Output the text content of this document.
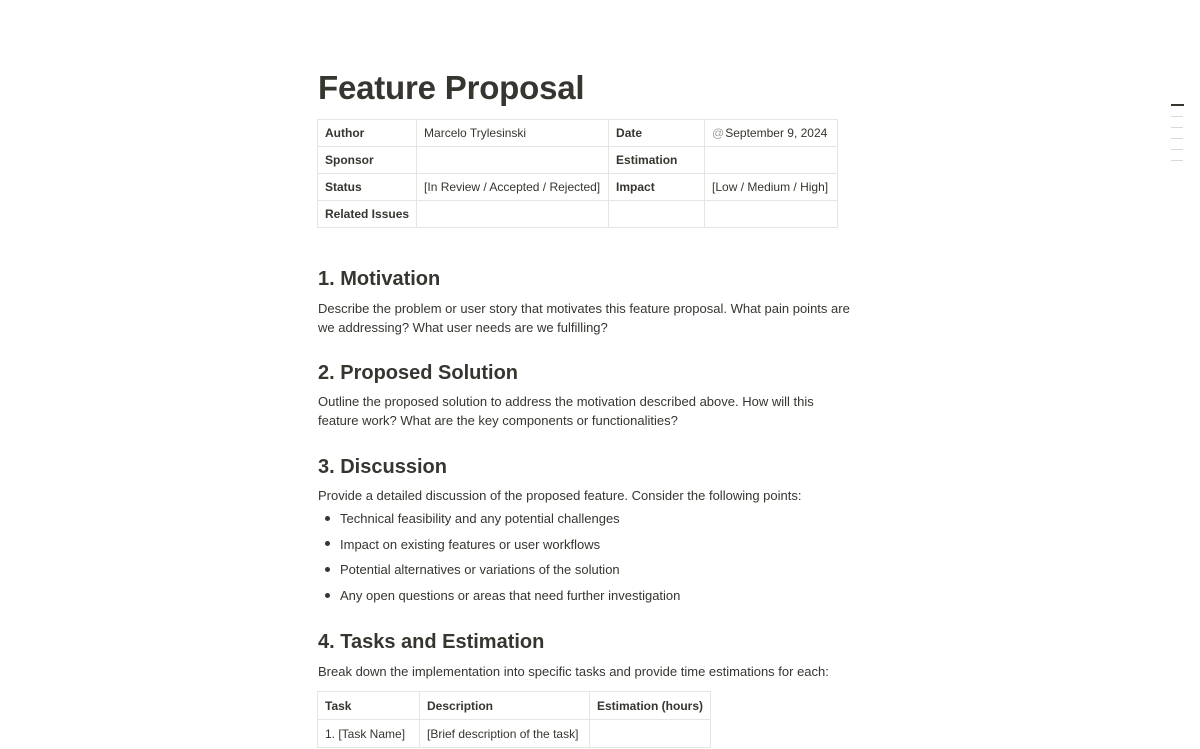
Feature Proposal
Author	Marcelo Trylesinski	Date	@September 9, 2024
Sponsor		Estimation	
Status	[In Review / Accepted / Rejected]	Impact	[Low / Medium / High]
Related Issues			
1. Motivation

Describe the problem or user story that motivates this feature proposal. What pain points are
we addressing? What user needs are we fulfilling?

2. Proposed Solution

Outline the proposed solution to address the motivation described above. How will this
feature work? What are the key components or functionalities?

3. Discussion

Provide a detailed discussion of the proposed feature. Consider the following points:

Technical feasibility and any potential challenges
Impact on existing features or user workflows
Potential alternatives or variations of the solution
Any open questions or areas that need further investigation
4. Tasks and Estimation

Break down the implementation into specific tasks and provide time estimations for each:

Task	Description	Estimation (hours)
1. [Task Name]	[Brief description of the task]	
